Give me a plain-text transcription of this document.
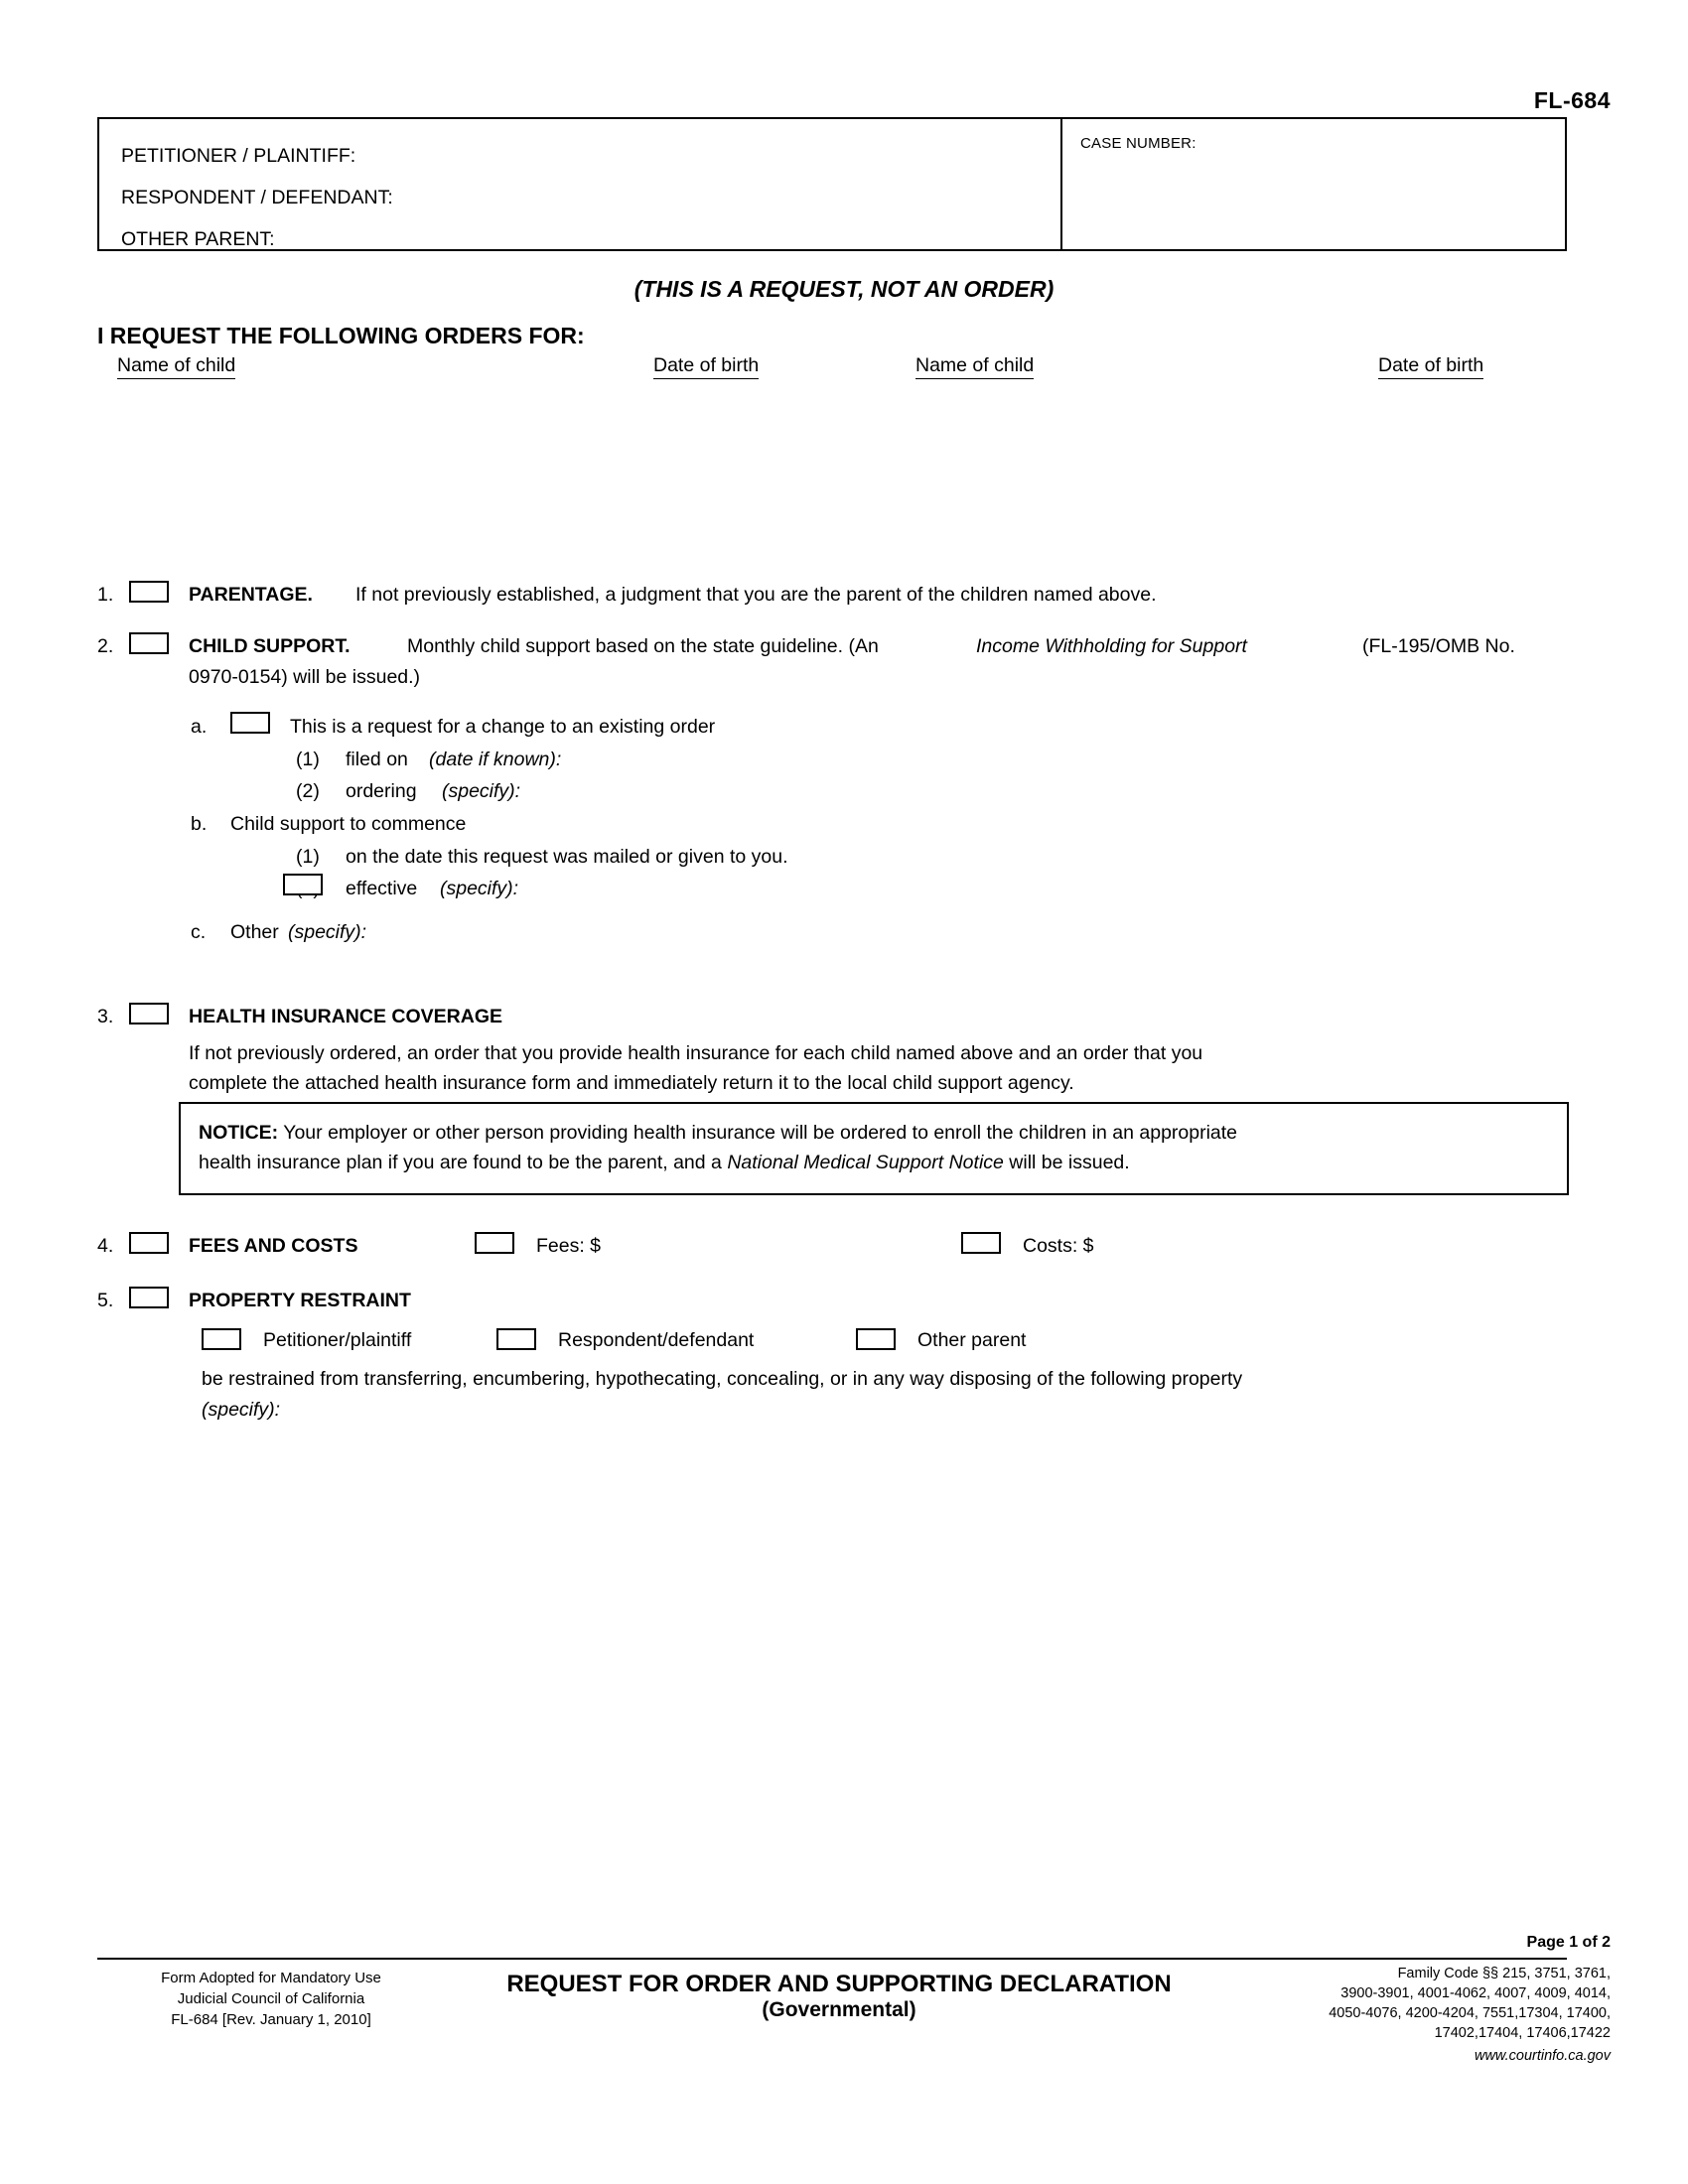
FL-684
PETITIONER / PLAINTIFF:
RESPONDENT / DEFENDANT:
OTHER PARENT:
CASE NUMBER:
(THIS IS A REQUEST, NOT AN ORDER)
I REQUEST THE FOLLOWING ORDERS FOR:
Name of child	Date of birth	Name of child	Date of birth
1.	PARENTAGE. If not previously established, a judgment that you are the parent of the children named above.
2.	CHILD SUPPORT.	Monthly child support based on the state guideline. (An	Income Withholding for Support	(FL-195/OMB No.
0970-0154) will be issued.)
a.	This is a request for a change to an existing order
(1) filed on (date if known):
(2) ordering (specify):
b. Child support to commence
(1) on the date this request was mailed or given to you.
effective (specify):
c. Other (specify):
3.	HEALTH INSURANCE COVERAGE
If not previously ordered, an order that you provide health insurance for each child named above and an order that you
complete the attached health insurance form and immediately return it to the local child support agency.
NOTICE: Your employer or other person providing health insurance will be ordered to enroll the children in an appropriate
health insurance plan if you are found to be the parent, and a National Medical Support Notice will be issued.
4.	FEES AND COSTS	Fees: $	Costs: $
5.	PROPERTY RESTRAINT
Petitioner/plaintiff	Respondent/defendant	Other parent
be restrained from transferring, encumbering, hypothecating, concealing, or in any way disposing of the following property
(specify):
Page 1 of 2
Form Adopted for Mandatory Use
Judicial Council of California
FL-684 [Rev. January 1, 2010]
REQUEST FOR ORDER AND SUPPORTING DECLARATION
(Governmental)
Family Code §§ 215, 3751, 3761,
3900-3901, 4001-4062, 4007, 4009, 4014,
4050-4076, 4200-4204, 7551,17304, 17400,
17402,17404, 17406,17422
www.courtinfo.ca.gov
